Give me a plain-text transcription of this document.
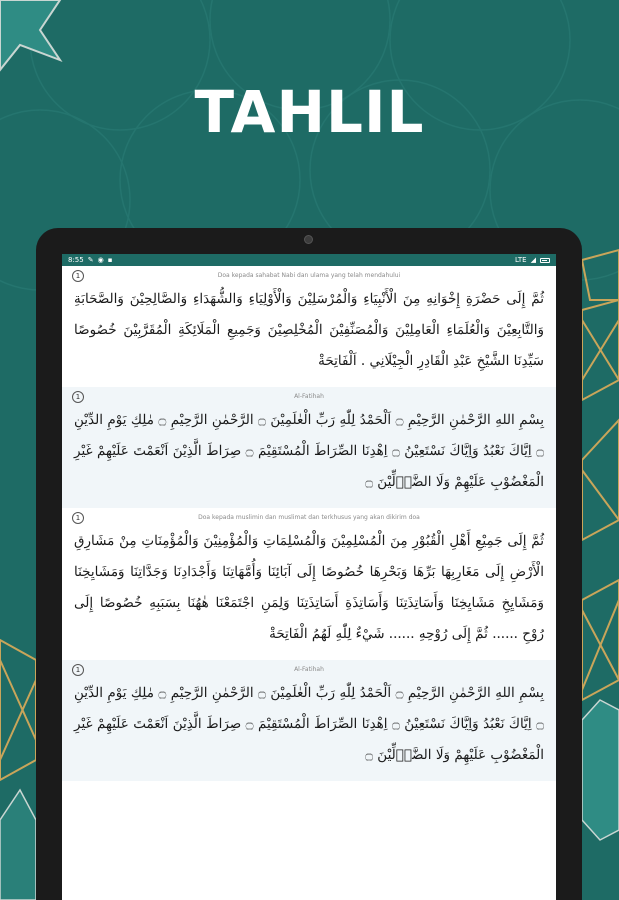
TAHLIL
8:55 ✎ ◉ ▪	LTE ◢
1	Doa kepada sahabat Nabi dan ulama yang telah mendahului
ثُمَّ إِلَى حَضْرَةِ إِخْوَانِهِ مِنَ الْأَنْبِيَاءِ وَالْمُرْسَلِيْنَ وَالْأَوْلِيَاءِ وَالشُّهَدَاءِ وَالصَّالِحِيْنَ وَالصَّحَابَةِ وَالتَّابِعِيْنَ وَالْعُلَمَاءِ الْعَامِلِيْنَ وَالْمُصَنِّفِيْنَ الْمُخْلِصِيْنَ وَجَمِيعِ الْمَلَائِكَةِ الْمُقَرَّبِيْنَ خُصُوصًا سَيِّدِنَا الشَّيْخِ عَبْدِ الْقَادِرِ الْجِيْلَانِي . اَلْفَاتِحَةْ
1	Al-Fatihah
بِسْمِ اللهِ الرَّحْمٰنِ الرَّحِيْمِ ۝ اَلْحَمْدُ لِلّٰهِ رَبِّ الْعٰلَمِيْنَ ۝ الرَّحْمٰنِ الرَّحِيْمِ ۝ مٰلِكِ يَوْمِ الدِّيْنِ ۝ اِيَّاكَ نَعْبُدُ وَاِيَّاكَ نَسْتَعِيْنُ ۝ اِهْدِنَا الصِّرَاطَ الْمُسْتَقِيْمَ ۝ صِرَاطَ الَّذِيْنَ اَنْعَمْتَ عَلَيْهِمْ غَيْرِ الْمَغْضُوْبِ عَلَيْهِمْ وَلَا الضَّاۤلِّيْنَ ۝
1	Doa kepada muslimin dan muslimat dan terkhusus yang akan dikirim doa
ثُمَّ إِلَى جَمِيْعِ أَهْلِ الْقُبُوْرِ مِنَ الْمُسْلِمِيْنَ وَالْمُسْلِمَاتِ وَالْمُؤْمِنِيْنَ وَالْمُؤْمِنَاتِ مِنْ مَشَارِقِ الْأَرْضِ إِلَى مَغَارِبِهَا بَرِّهَا وَبَحْرِهَا خُصُوصًا إِلَى آبَائِنَا وَأُمَّهَاتِنَا وَأَجْدَادِنَا وَجَدَّاتِنَا وَمَشَايِخِنَا وَمَشَايِخِ مَشَايِخِنَا وَأَسَاتِذَتِنَا وَأَسَاتِذَةِ أَسَاتِذَتِنَا وَلِمَنِ اجْتَمَعْنَا هٰهُنَا بِسَبَبِهِ خُصُوصًا إِلَى رُوْحِ ...... ثُمَّ إِلَى رُوْحِهِ ...... شَيْءٌ لِلّٰهِ لَهُمُ الْفَاتِحَةْ
1	Al-Fatihah
بِسْمِ اللهِ الرَّحْمٰنِ الرَّحِيْمِ ۝ اَلْحَمْدُ لِلّٰهِ رَبِّ الْعٰلَمِيْنَ ۝ الرَّحْمٰنِ الرَّحِيْمِ ۝ مٰلِكِ يَوْمِ الدِّيْنِ ۝ اِيَّاكَ نَعْبُدُ وَاِيَّاكَ نَسْتَعِيْنُ ۝ اِهْدِنَا الصِّرَاطَ الْمُسْتَقِيْمَ ۝ صِرَاطَ الَّذِيْنَ اَنْعَمْتَ عَلَيْهِمْ غَيْرِ الْمَغْضُوْبِ عَلَيْهِمْ وَلَا الضَّاۤلِّيْنَ ۝
